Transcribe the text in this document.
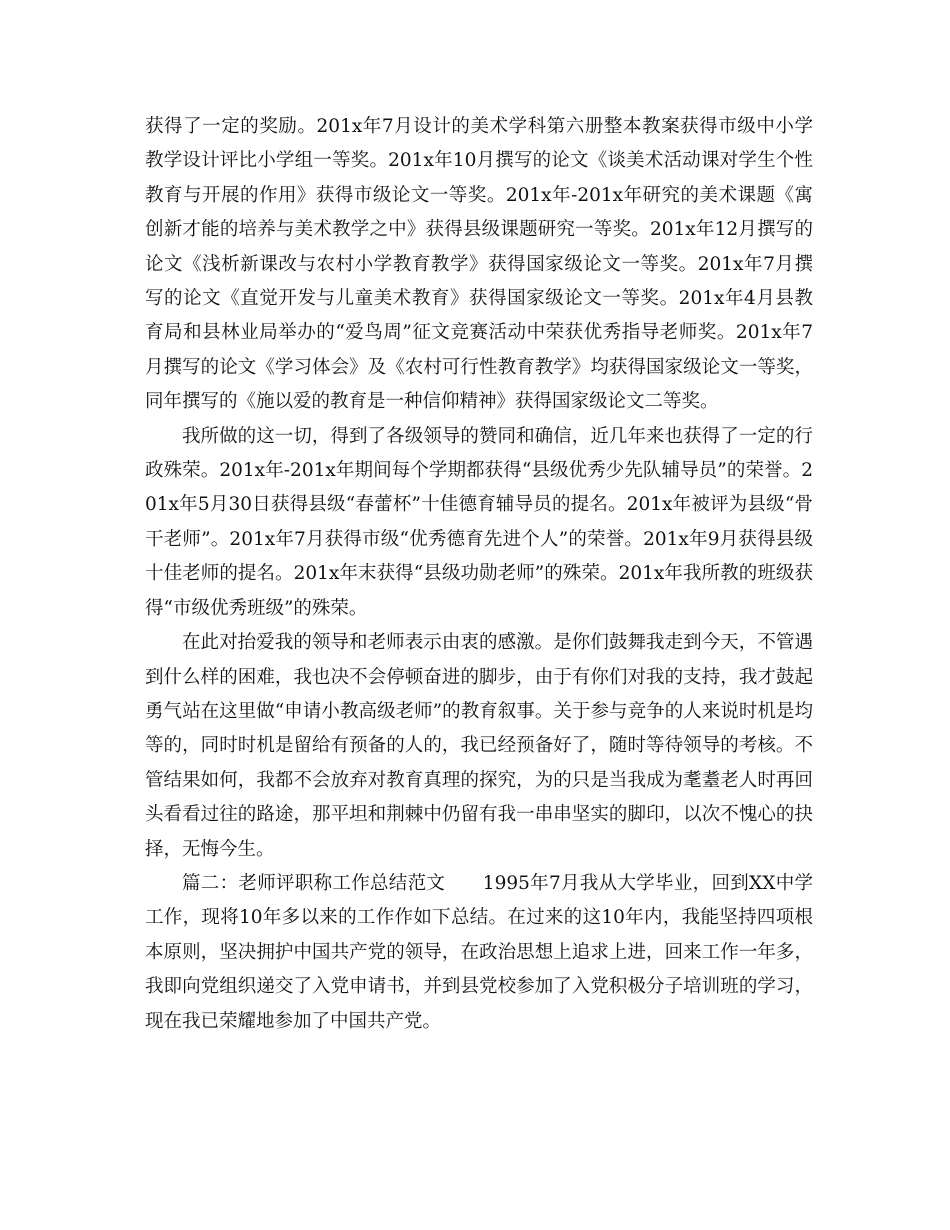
获得了一定的奖励。201x年7月设计的美术学科第六册整本教案获得市级中小学教学设计评比小学组一等奖。201x年10月撰写的论文《谈美术活动课对学生个性教育与开展的作用》获得市级论文一等奖。201x年-201x年研究的美术课题《寓创新才能的培养与美术教学之中》获得县级课题研究一等奖。201x年12月撰写的论文《浅析新课改与农村小学教育教学》获得国家级论文一等奖。201x年7月撰写的论文《直觉开发与儿童美术教育》获得国家级论文一等奖。201x年4月县教育局和县林业局举办的“爱鸟周”征文竞赛活动中荣获优秀指导老师奖。201x年7月撰写的论文《学习体会》及《农村可行性教育教学》均获得国家级论文一等奖，同年撰写的《施以爱的教育是一种信仰精神》获得国家级论文二等奖。

我所做的这一切，得到了各级领导的赞同和确信，近几年来也获得了一定的行政殊荣。201x年-201x年期间每个学期都获得“县级优秀少先队辅导员”的荣誉。201x年5月30日获得县级“春蕾杯”十佳德育辅导员的提名。201x年被评为县级“骨干老师”。201x年7月获得市级“优秀德育先进个人”的荣誉。201x年9月获得县级十佳老师的提名。201x年末获得“县级功勋老师”的殊荣。201x年我所教的班级获得“市级优秀班级”的殊荣。

在此对抬爱我的领导和老师表示由衷的感激。是你们鼓舞我走到今天，不管遇到什么样的困难，我也决不会停顿奋进的脚步，由于有你们对我的支持，我才鼓起勇气站在这里做“申请小教高级老师”的教育叙事。关于参与竞争的人来说时机是均等的，同时时机是留给有预备的人的，我已经预备好了，随时等待领导的考核。不管结果如何，我都不会放弃对教育真理的探究，为的只是当我成为耄耋老人时再回头看看过往的路途，那平坦和荆棘中仍留有我一串串坚实的脚印，以次不愧心的抉择，无悔今生。

篇二：老师评职称工作总结范文　　1995年7月我从大学毕业，回到XX中学工作，现将10年多以来的工作作如下总结。在过来的这10年内，我能坚持四项根本原则，坚决拥护中国共产党的领导，在政治思想上追求上进，回来工作一年多，我即向党组织递交了入党申请书，并到县党校参加了入党积极分子培训班的学习，现在我已荣耀地参加了中国共产党。
